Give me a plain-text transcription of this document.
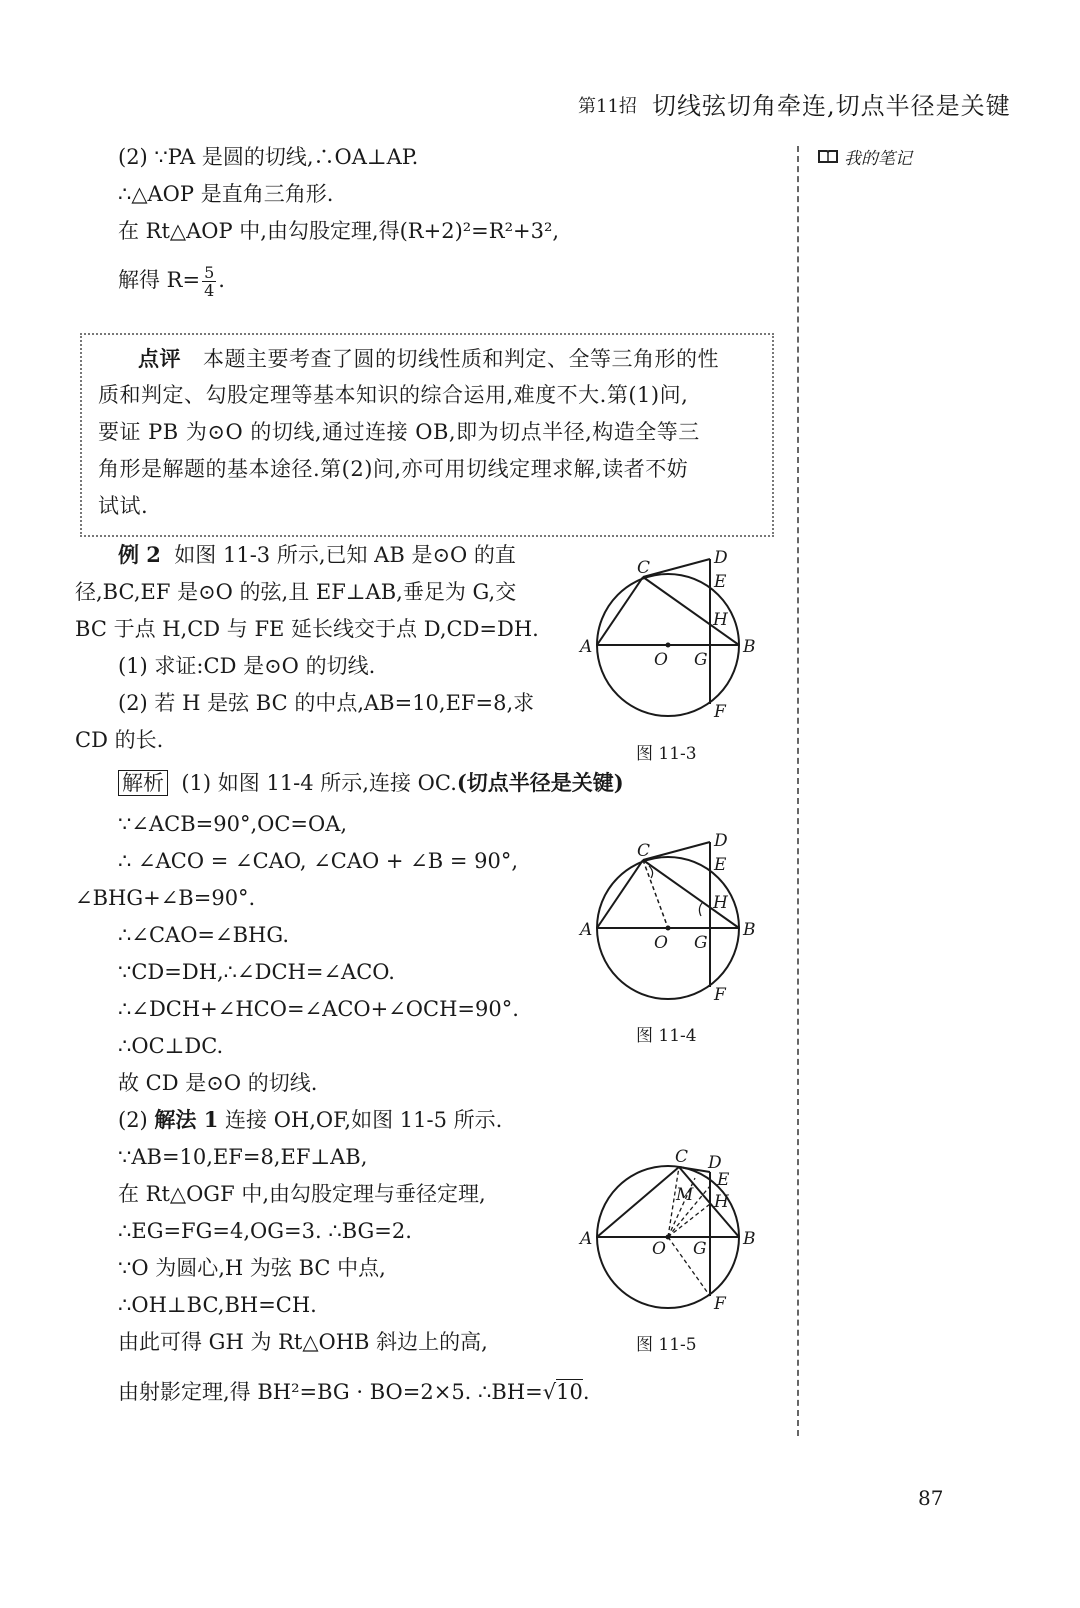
第11招 切线弦切角牵连,切点半径是关键
我的笔记
(2) ∵PA 是圆的切线,∴OA⊥AP.
∴△AOP 是直角三角形.
在 Rt△AOP 中,由勾股定理,得(R+2)²=R²+3²,
解得 $R= \frac{5}{4}$ .
点评 本题主要考查了圆的切线性质和判定、全等三角形的性
质和判定、勾股定理等基本知识的综合运用,难度不大.第(1)问,
要证 PB 为⊙O 的切线,通过连接 OB,即为切点半径,构造全等三
角形是解题的基本途径.第(2)问,亦可用切线定理求解,读者不妨
试试.
例 2 如图 11-3 所示,已知 AB 是⊙O 的直
径,BC,EF 是⊙O 的弦,且 EF⊥AB,垂足为 G,交
BC 于点 H,CD 与 FE 延长线交于点 D,CD=DH.
(1) 求证:CD 是⊙O 的切线.
(2) 若 H 是弦 BC 的中点,AB=10,EF=8,求
CD 的长.
解析 (1) 如图 11-4 所示,连接 OC.(切点半径是关键)
∵∠ACB=90°,OC=OA,
∴ ∠ACO = ∠CAO, ∠CAO + ∠B = 90°,
∠BHG+∠B=90°.
∴∠CAO=∠BHG.
∵CD=DH,∴∠DCH=∠ACO.
∴∠DCH+∠HCO=∠ACO+∠OCH=90°.
∴OC⊥DC.
故 CD 是⊙O 的切线.
(2) 解法 1 连接 OH,OF,如图 11-5 所示.
∵AB=10,EF=8,EF⊥AB,
在 Rt△OGF 中,由勾股定理与垂径定理,
∴EG=FG=4,OG=3. ∴BG=2.
∵O 为圆心,H 为弦 BC 中点,
∴OH⊥BC,BH=CH.
由此可得 GH 为 Rt△OHB 斜边上的高,
由射影定理,得 BH²=BG · BO=2×5. ∴BH=√10.
A	B
C	D
E
F
G
H
O
图 11-3
A	B
C	D
E
F
G
H
O
图 11-4
A	B
C D
E
F
G
H
O
M
图 11-5
87
